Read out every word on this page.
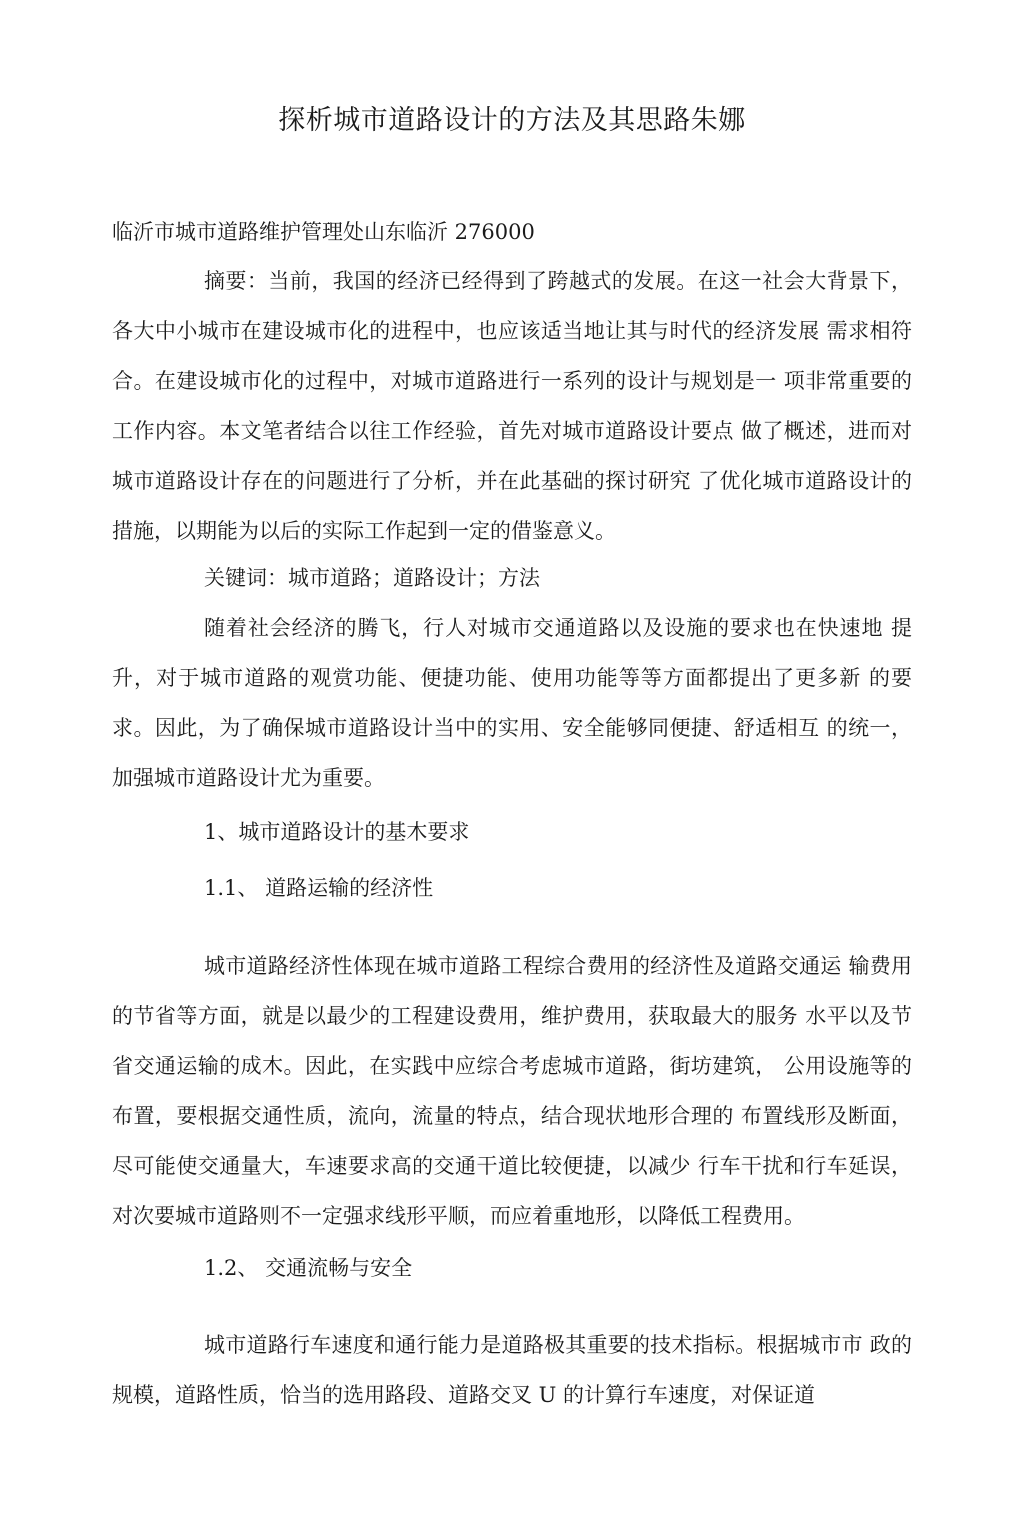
探析城市道路设计的方法及其思路朱娜
临沂市城市道路维护管理处山东临沂 276000
摘要：当前，我国的经济已经得到了跨越式的发展。在这一社会大背景下，各大中小城市在建设城市化的进程中，也应该适当地让其与时代的经济发展 需求相符合。在建设城市化的过程中，对城市道路进行一系列的设计与规划是一 项非常重要的工作内容。本文笔者结合以往工作经验，首先对城市道路设计要点 做了概述，进而对城市道路设计存在的问题进行了分析，并在此基础的探讨研究 了优化城市道路设计的措施，以期能为以后的实际工作起到一定的借鉴意义。
关键词：城市道路；道路设计；方法
随着社会经济的腾飞，行人对城市交通道路以及设施的要求也在快速地 提升，对于城市道路的观赏功能、便捷功能、使用功能等等方面都提出了更多新 的要求。因此，为了确保城市道路设计当中的实用、安全能够同便捷、舒适相互 的统一，加强城市道路设计尤为重要。
1、城市道路设计的基木要求
1.1、 道路运输的经济性
城市道路经济性体现在城市道路工程综合费用的经济性及道路交通运 输费用的节省等方面，就是以最少的工程建设费用，维护费用，获取最大的服务 水平以及节省交通运输的成木。因此，在实践中应综合考虑城市道路，街坊建筑， 公用设施等的布置，要根据交通性质，流向，流量的特点，结合现状地形合理的 布置线形及断面，尽可能使交通量大，车速要求高的交通干道比较便捷，以减少 行车干扰和行车延误，对次要城市道路则不一定强求线形平顺，而应着重地形，以降低工程费用。
1.2、 交通流畅与安全
城市道路行车速度和通行能力是道路极其重要的技术指标。根据城市市 政的规模，道路性质，恰当的选用路段、道路交叉 U 的计算行车速度，对保证道
